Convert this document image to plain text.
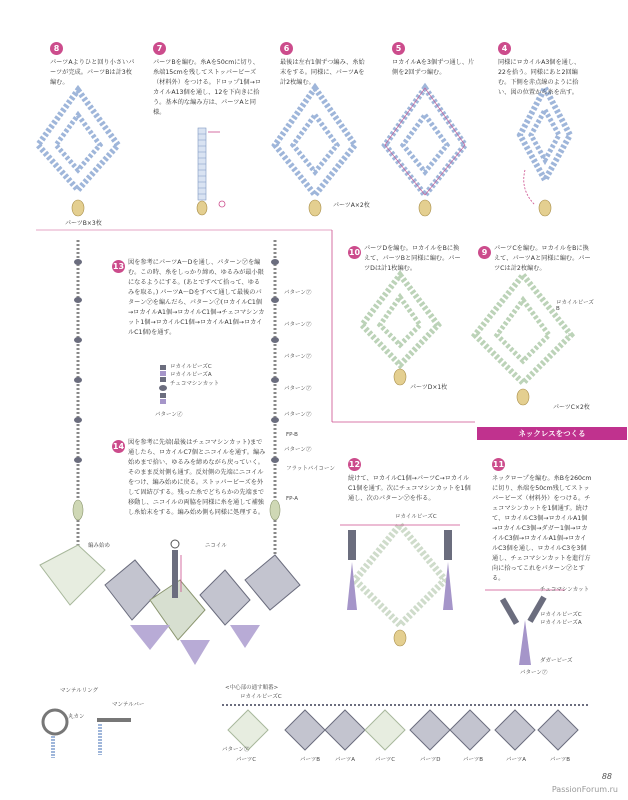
8
パーツAよりひと回り小さいパーツが完成。パーツBは計3枚編む。
7
パーツBを編む。糸Aを50cmに切り、糸端15cmを残してストッパービーズ（材料外）をつける。ドロップ1個→ロカイルA13個を通し、12を下向きに拾う。基本的な編み方は、パーツAと同様。
6
最後は左右1個ずつ編み、糸始末をする。同様に、パーツAを計2枚編む。
5
ロカイルAを3個ずつ通し、片側を2回ずつ編む。
4
同様にロカイルA3個を通し、22を拾う。同様にあと2回編む。下側を赤点線のように拾い、図の位置から糸を出す。
パーツB×3枚
パーツA×2枚
10 パーツDを編む。ロカイルをBに換えて、パーツBと同様に編む。パーツDは計1枚編む。
9	パーツCを編む。ロカイルをBに換えて、パーツAと同様に編む。パーツCは計2枚編む。
ロカイルビーズB
パーツD×1枚
パーツC×2枚
13 図を参考にパーツA〜Dを通し、パターン㋐を編む。この時、糸をしっかり締め、ゆるみが最小限になるようにする。(あとですべて拾って、ゆるみを取る。) パーツA〜Dをすべて通して最後のパターン㋐を編んだら、パターン㋑(ロカイルC1個→ロカイルA1個→ロカイルC1個→チェコマシンカット1個→ロカイルC1個→ロカイルA1個→ロカイルC1個)を通す。
ロカイルビーズC
ロカイルビーズA
チェコマシンカット
パターン㋑
パターン㋐
パターン㋐
パターン㋐
パターン㋐
パターン㋐
パターン㋐
FP-B
フラットパイコーン
FP-A
14 図を参考に先端(最後はチェコマシンカット)まで通したら、ロカイルC7個とニコイルを通す。編み始めまで拾い、ゆるみを締めながら戻っていく。そのまま反対側も通す。反対側の先端にニコイルをつけ、編み始めに戻る。ストッパービーズを外して固結びする。残った糸でどちらかの先端まで移動し、ニコイルの両脇を同様に糸を通して補強し糸始末をする。編み始め側も同様に処理する。
編み始め	ニコイル
ネックレスをつくる
12
続けて、ロカイルC1個→パーツC→ロカイルC1個を通す。次にチェコマシンカットを1個通し、次のパターン㋐を作る。
ロカイルビーズC
11
ネックロープを編む。糸Bを260cmに切り、糸端を50cm残してストッパービーズ（材料外）をつける。チェコマシンカットを1個通す。続けて、ロカイルC3個→ロカイルA1個→ロカイルC3個→ダガー1個→ロカイルC3個→ロカイルA1個→ロカイルC3個を通し、ロカイルC3を3個通し、チェコマシンカットを進行方向に拾ってこれをパターン㋐とする。
チェコマシンカット
ロカイルビーズC
ロカイルビーズA
ダガービーズ
パターン㋐
<中心部の通す順番>
ロカイルビーズC
パーツC	パーツB	パーツA	パーツC	パーツD	パーツB	パーツA	パーツB
パターン㋐
マンテルリング
マンテルバー
丸カン
88
PassionForum.ru
